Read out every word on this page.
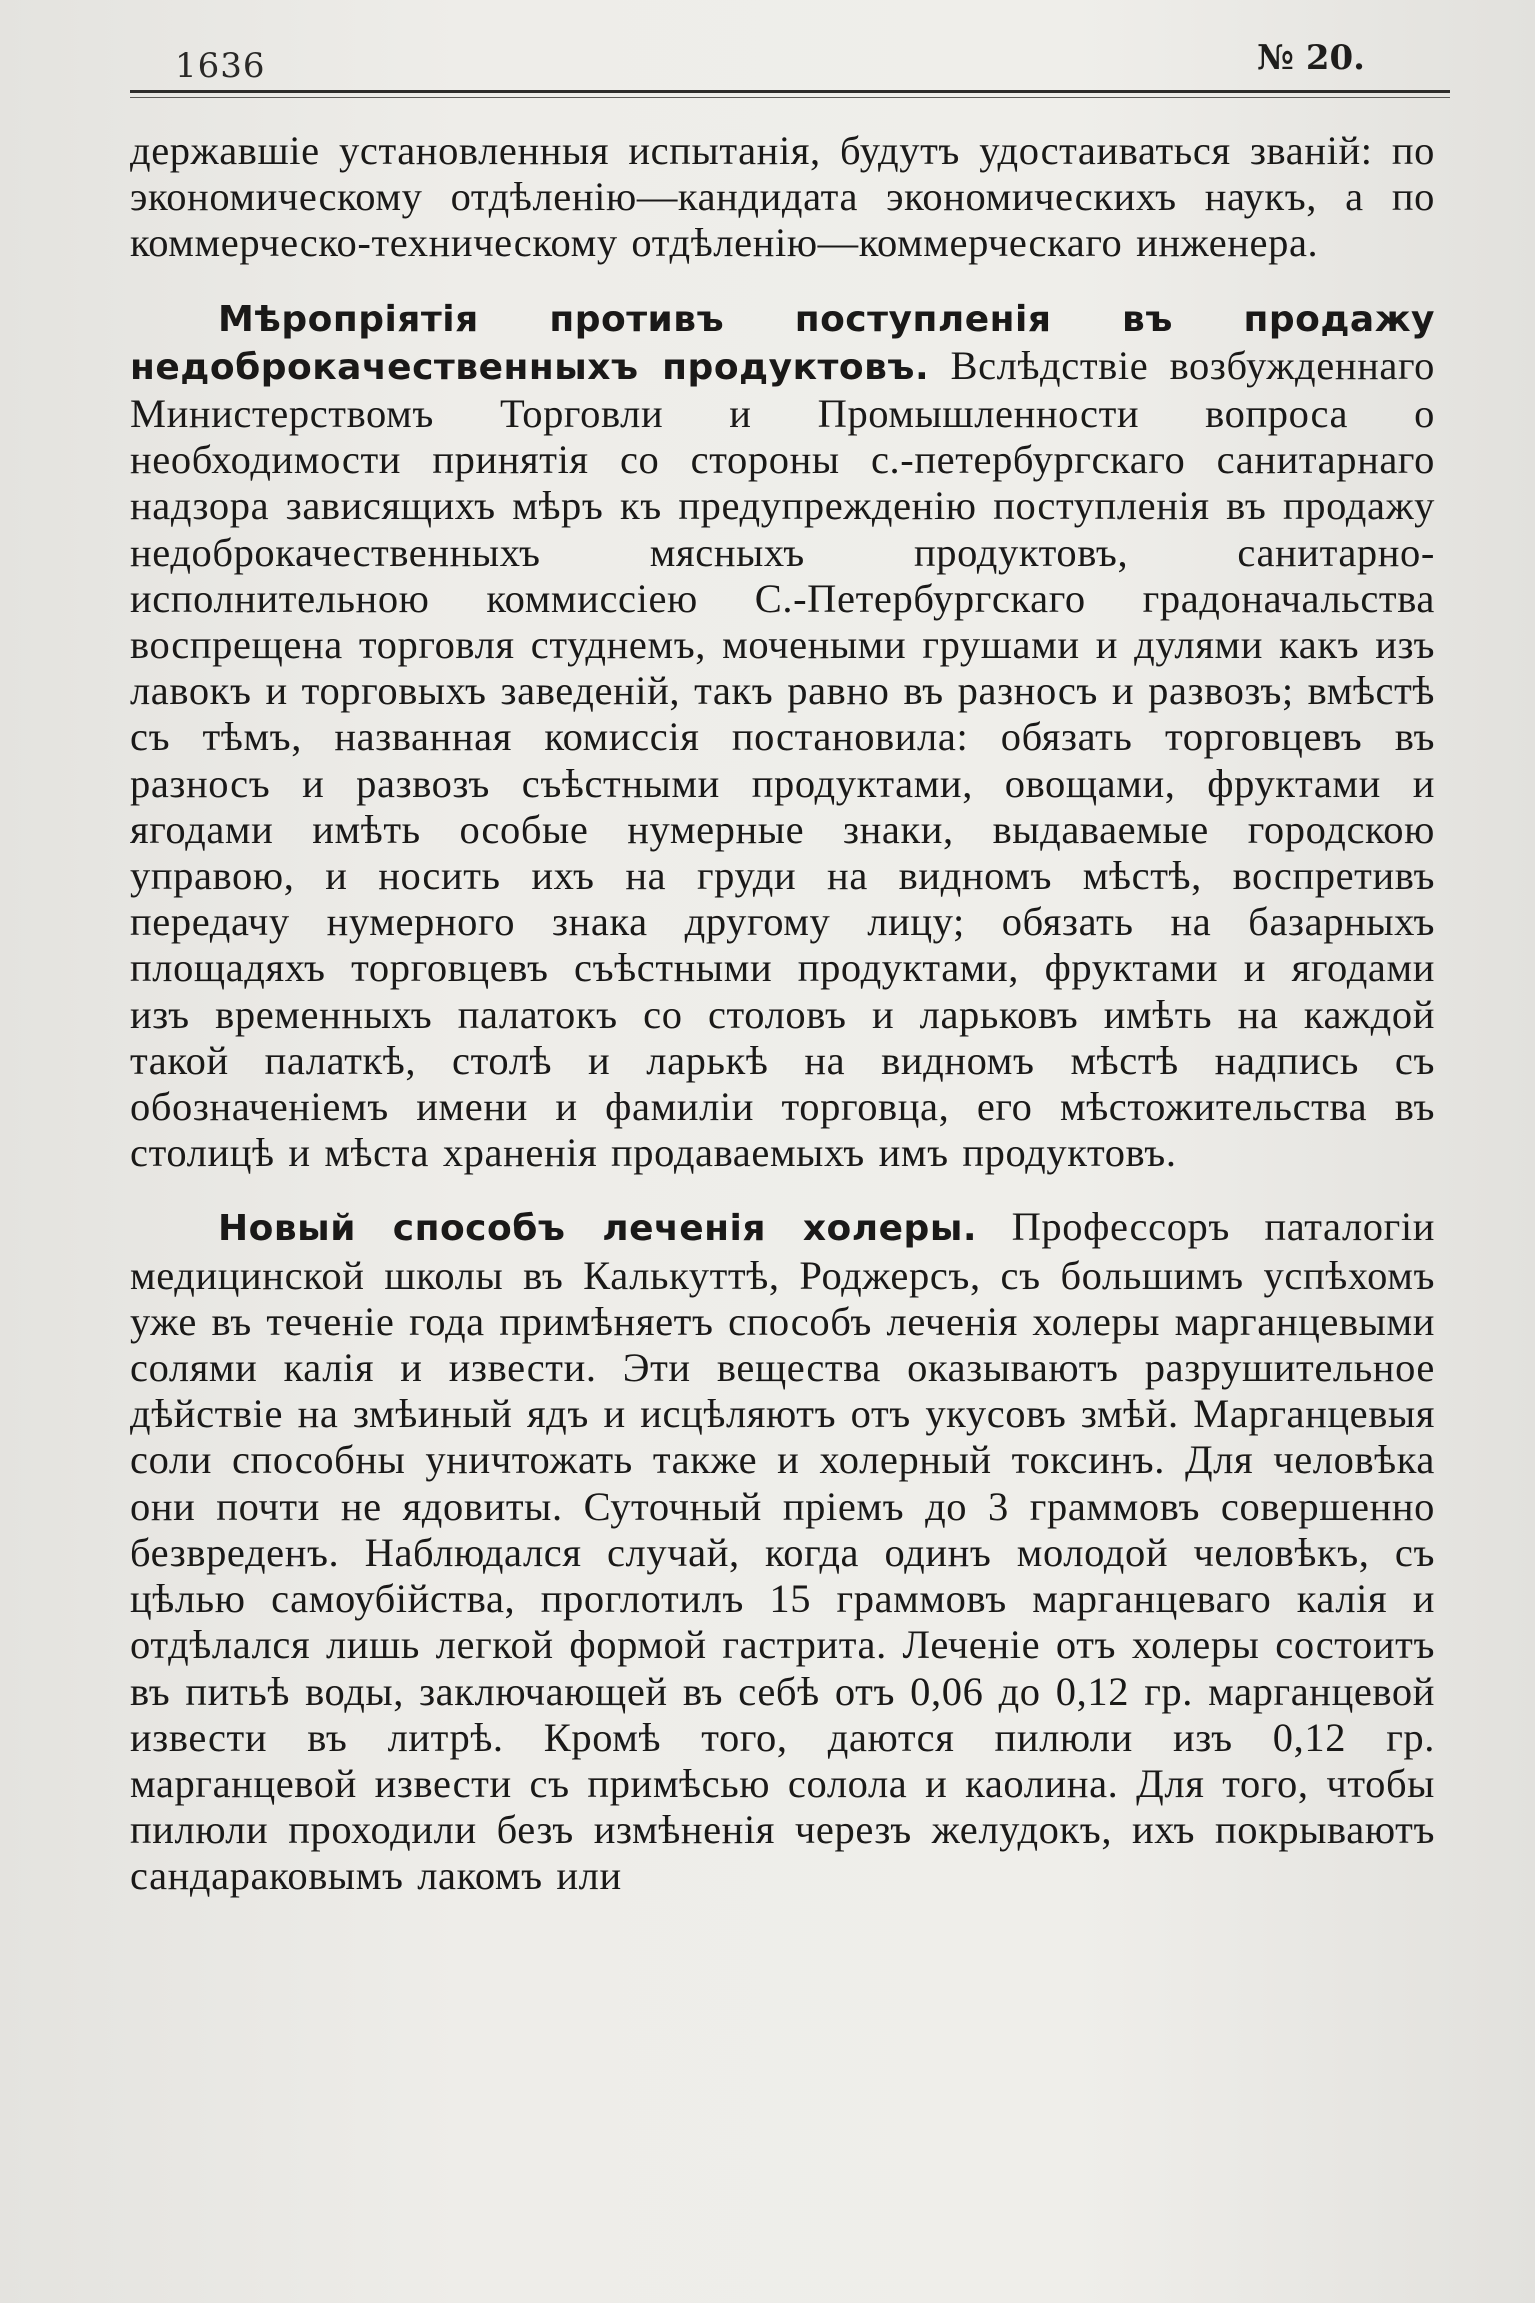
1636	№ 20.

державшіе установленныя испытанія, будутъ удостаиваться званій: по экономическому отдѣленію—кандидата экономическихъ наукъ, а по коммерческо-техническому отдѣленію—коммерческаго инженера.

Мѣропріятія противъ поступленія въ продажу недоброкачественныхъ продуктовъ. Вслѣдствіе возбужденнаго Министерствомъ Торговли и Промышленности вопроса о необходимости принятія со стороны с.-петербургскаго санитарнаго надзора зависящихъ мѣръ къ предупрежденію поступленія въ продажу недоброкачественныхъ мясныхъ продуктовъ, санитарно-исполнительною коммиссіею С.-Петербургскаго градоначальства воспрещена торговля студнемъ, мочеными грушами и дулями какъ изъ лавокъ и торговыхъ заведеній, такъ равно въ разносъ и развозъ; вмѣстѣ съ тѣмъ, названная комиссія постановила: обязать торговцевъ въ разносъ и развозъ съѣстными продуктами, овощами, фруктами и ягодами имѣть особые нумерные знаки, выдаваемые городскою управою, и носить ихъ на груди на видномъ мѣстѣ, воспретивъ передачу нумерного знака другому лицу; обязать на базарныхъ площадяхъ торговцевъ съѣстными продуктами, фруктами и ягодами изъ временныхъ палатокъ со столовъ и ларьковъ имѣть на каждой такой палаткѣ, столѣ и ларькѣ на видномъ мѣстѣ надпись съ обозначеніемъ имени и фамиліи торговца, его мѣстожительства въ столицѣ и мѣста храненія продаваемыхъ имъ продуктовъ.

Новый способъ леченія холеры. Профессоръ паталогіи медицинской школы въ Калькуттѣ, Роджерсъ, съ большимъ успѣхомъ уже въ теченіе года примѣняетъ способъ леченія холеры марганцевыми солями калія и извести. Эти вещества оказываютъ разрушительное дѣйствіе на змѣиный ядъ и исцѣляютъ отъ укусовъ змѣй. Марганцевыя соли способны уничтожать также и холерный токсинъ. Для человѣка они почти не ядовиты. Суточный пріемъ до 3 граммовъ совершенно безвреденъ. Наблюдался случай, когда одинъ молодой человѣкъ, съ цѣлью самоубійства, проглотилъ 15 граммовъ марганцеваго калія и отдѣлался лишь легкой формой гастрита. Леченіе отъ холеры состоитъ въ питьѣ воды, заключающей въ себѣ отъ 0,06 до 0,12 гр. марганцевой извести въ литрѣ. Кромѣ того, даются пилюли изъ 0,12 гр. марганцевой извести съ примѣсью солола и каолина. Для того, чтобы пилюли проходили безъ измѣненія черезъ желудокъ, ихъ покрываютъ сандараковымъ лакомъ или
